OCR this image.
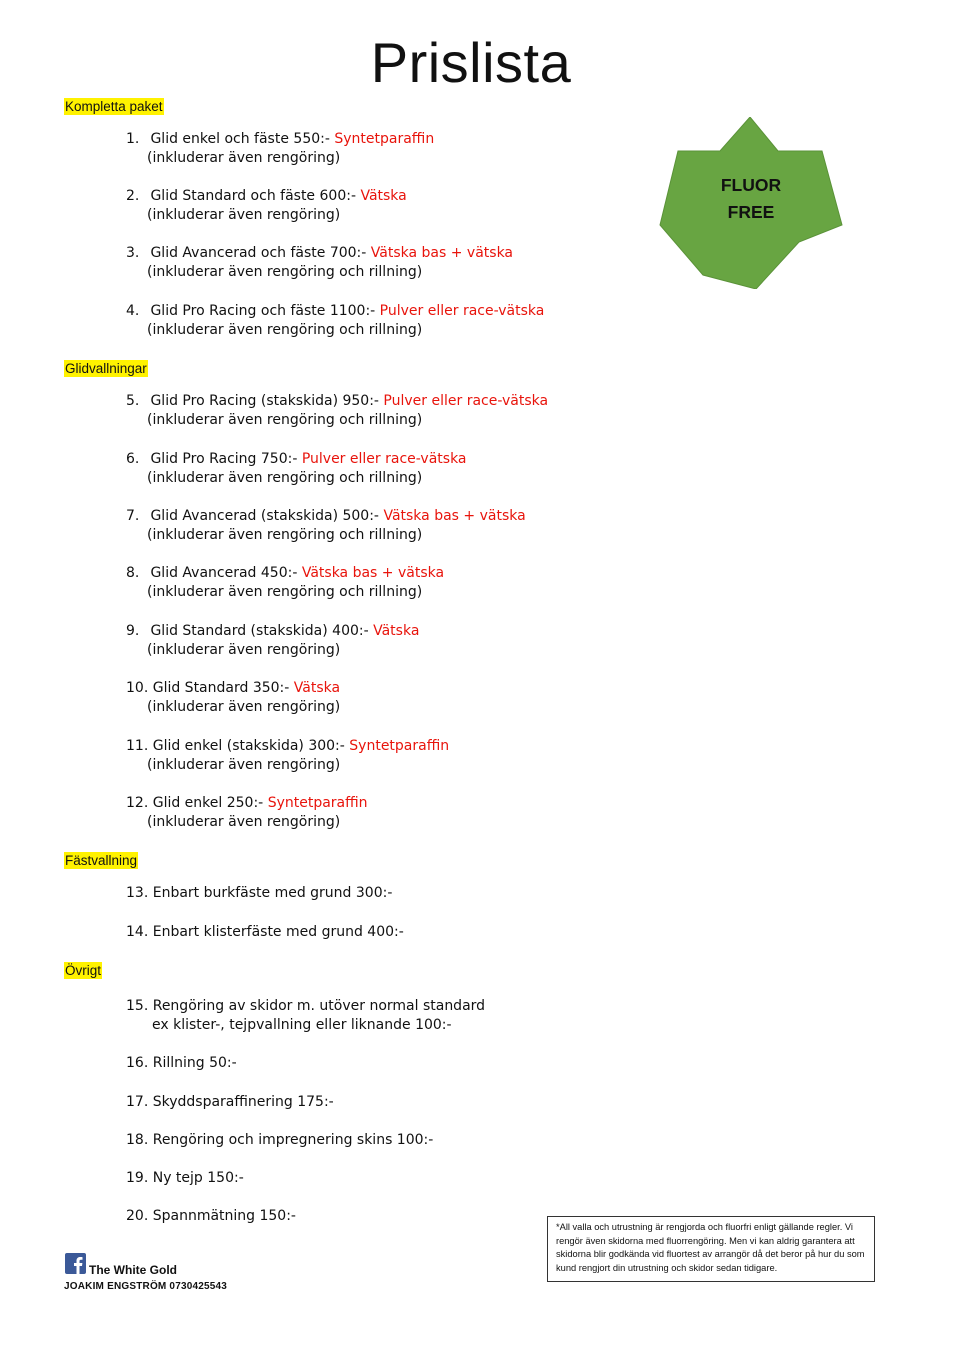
Prislista
FLUOR
FREE
Kompletta paket
Glidvallningar
Fästvallning
Övrigt
1. Glid enkel och fäste 550:- Syntetparaffin
(inkluderar även rengöring)
2. Glid Standard och fäste 600:- Vätska
(inkluderar även rengöring)
3. Glid Avancerad och fäste 700:- Vätska bas + vätska
(inkluderar även rengöring och rillning)
4. Glid Pro Racing och fäste 1100:- Pulver eller race-vätska
(inkluderar även rengöring och rillning)
5. Glid Pro Racing (stakskida) 950:- Pulver eller race-vätska
(inkluderar även rengöring och rillning)
6. Glid Pro Racing 750:- Pulver eller race-vätska
(inkluderar även rengöring och rillning)
7. Glid Avancerad (stakskida) 500:- Vätska bas + vätska
(inkluderar även rengöring och rillning)
8. Glid Avancerad 450:- Vätska bas + vätska
(inkluderar även rengöring och rillning)
9. Glid Standard (stakskida) 400:- Vätska
(inkluderar även rengöring)
10. Glid Standard 350:- Vätska
(inkluderar även rengöring)
11. Glid enkel (stakskida) 300:- Syntetparaffin
(inkluderar även rengöring)
12. Glid enkel 250:- Syntetparaffin
(inkluderar även rengöring)
13. Enbart burkfäste med grund 300:-
14. Enbart klisterfäste med grund 400:-
15. Rengöring av skidor m. utöver normal standard
ex klister-, tejpvallning eller liknande 100:-
16. Rillning 50:-
17. Skyddsparaffinering 175:-
18. Rengöring och impregnering skins 100:-
19. Ny tejp 150:-
20. Spannmätning 150:-
*All valla och utrustning är rengjorda och fluorfri enligt gällande regler. Vi rengör även skidorna med fluorrengöring. Men vi kan aldrig garantera att skidorna blir godkända vid fluortest av arrangör då det beror på hur du som kund rengjort din utrustning och skidor sedan tidigare.
The White Gold
JOAKIM ENGSTRÖM 0730425543
